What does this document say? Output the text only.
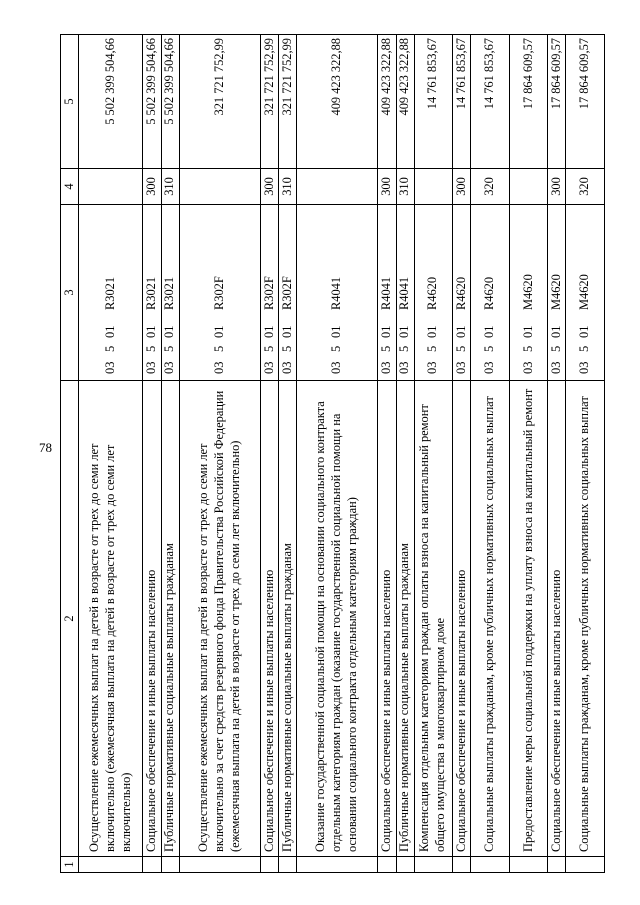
78
1	2	3	4	5
	Осуществление ежемесячных выплат на детей в возрасте от трех до семи лет включительно (ежемесячная выплата на детей в возрасте от трех до семи лет включительно)	03501R3021		5 502 399 504,66
	Социальное обеспечение и иные выплаты населению	03501R3021	300	5 502 399 504,66
	Публичные нормативные социальные выплаты гражданам	03501R3021	310	5 502 399 504,66
	Осуществление ежемесячных выплат на детей в возрасте от трех до семи лет включительно за счет средств резервного фонда Правительства Российской Федерации (ежемесячная выплата на детей в возрасте от трех до семи лет включительно)	03501R302F		321 721 752,99
	Социальное обеспечение и иные выплаты населению	03501R302F	300	321 721 752,99
	Публичные нормативные социальные выплаты гражданам	03501R302F	310	321 721 752,99
	Оказание государственной социальной помощи на основании социального контракта отдельным категориям граждан (оказание государственной социальной помощи на основании социального контракта отдельным категориям граждан)	03501R4041		409 423 322,88
	Социальное обеспечение и иные выплаты населению	03501R4041	300	409 423 322,88
	Публичные нормативные социальные выплаты гражданам	03501R4041	310	409 423 322,88
	Компенсация отдельным категориям граждан оплаты взноса на капитальный ремонт общего имущества в многоквартирном доме	03501R4620		14 761 853,67
	Социальное обеспечение и иные выплаты населению	03501R4620	300	14 761 853,67
	Социальные выплаты гражданам, кроме публичных нормативных социальных выплат	03501R4620	320	14 761 853,67
	Предоставление меры социальной поддержки на уплату взноса на капитальный ремонт	03501M4620		17 864 609,57
	Социальное обеспечение и иные выплаты населению	03501M4620	300	17 864 609,57
	Социальные выплаты гражданам, кроме публичных нормативных социальных выплат	03501M4620	320	17 864 609,57
